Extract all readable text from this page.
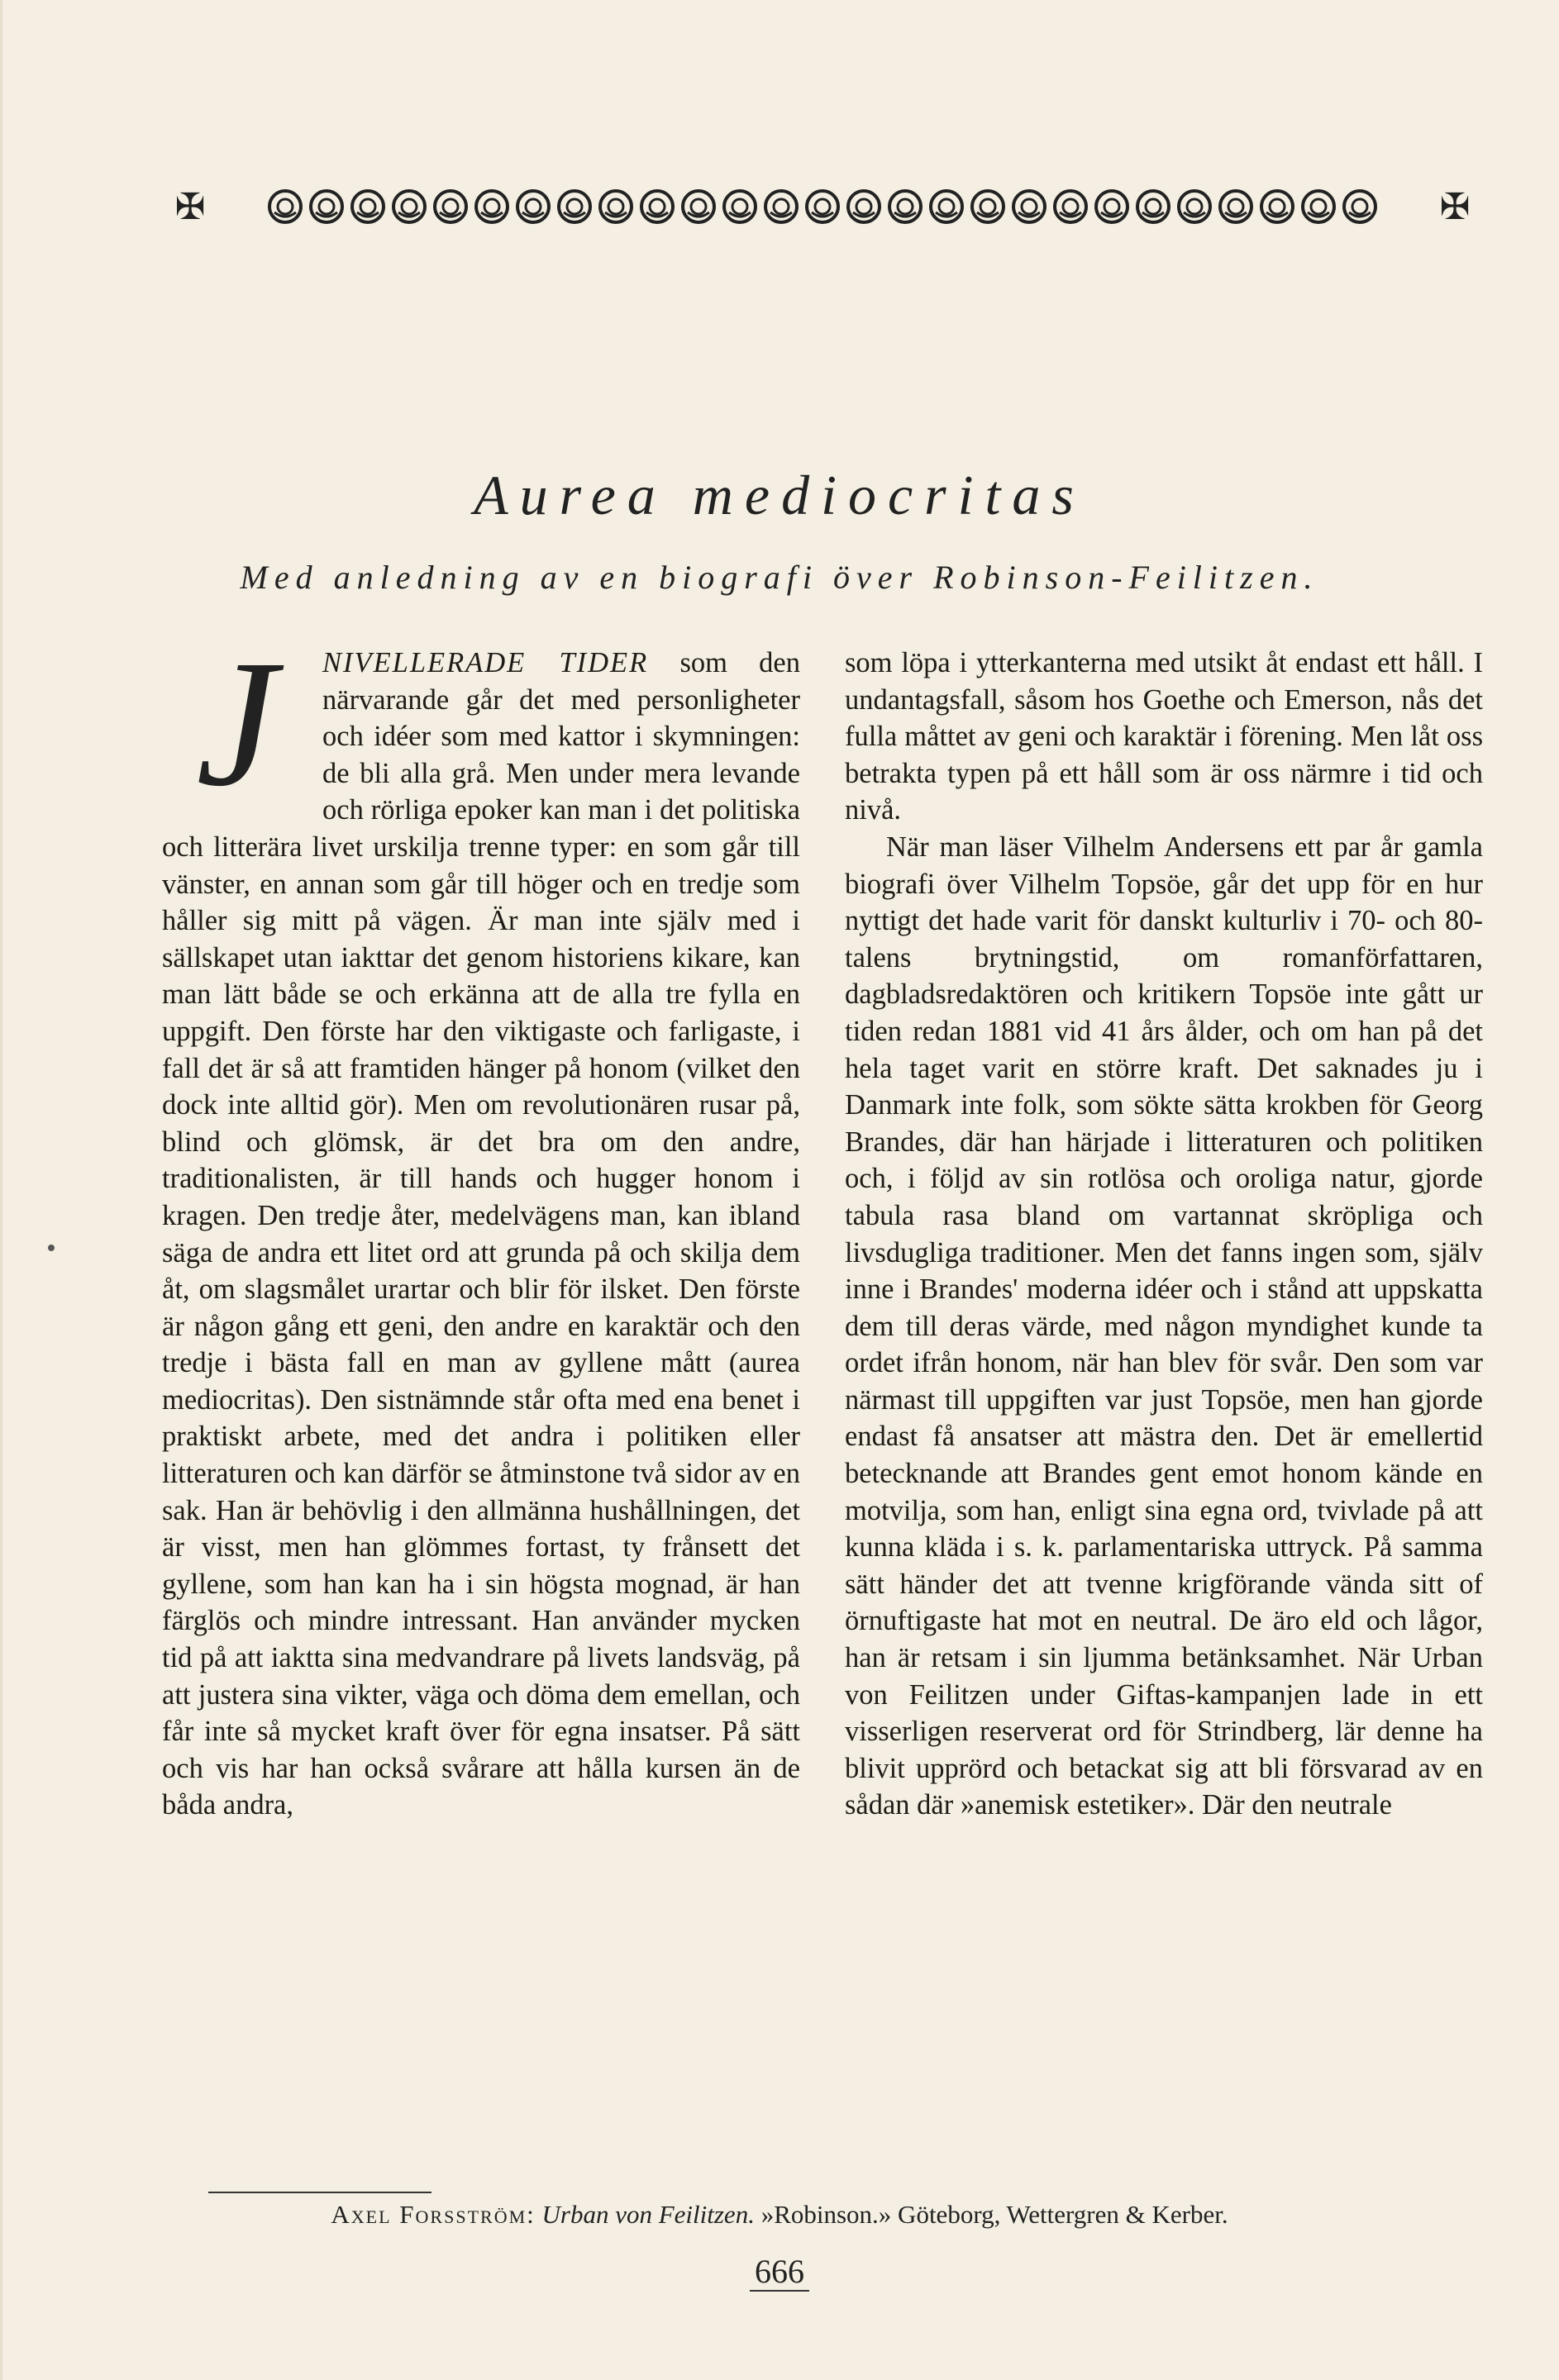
✠	✠
Aurea mediocritas
Med anledning av en biografi över Robinson-Feilitzen.
J	NIVELLERADE TIDER som den närvarande går det med personligheter och idéer som med kattor i skymningen: de bli alla grå. Men under mera levande och rörliga epoker kan man i det politiska och litterära livet urskilja trenne typer: en som går till vänster, en annan som går till höger och en tredje som håller sig mitt på vägen. Är man inte själv med i sällskapet utan iakttar det genom historiens kikare, kan man lätt både se och erkänna att de alla tre fylla en uppgift. Den förste har den viktigaste och farligaste, i fall det är så att framtiden hänger på honom (vilket den dock inte alltid gör). Men om revolutionären rusar på, blind och glömsk, är det bra om den andre, traditionalisten, är till hands och hugger honom i kragen. Den tredje åter, medelvägens man, kan ibland säga de andra ett litet ord att grunda på och skilja dem åt, om slagsmålet urartar och blir för ilsket. Den förste är någon gång ett geni, den andre en karaktär och den tredje i bästa fall en man av gyllene mått (aurea mediocritas). Den sistnämnde står ofta med ena benet i praktiskt arbete, med det andra i politiken eller litteraturen och kan därför se åtminstone två sidor av en sak. Han är behövlig i den allmänna hushållningen, det är visst, men han glömmes fortast, ty frånsett det gyllene, som han kan ha i sin högsta mognad, är han färglös och mindre intressant. Han använder mycken tid på att iaktta sina medvandrare på livets landsväg, på att justera sina vikter, väga och döma dem emellan, och får inte så mycket kraft över för egna insatser. På sätt och vis har han också svårare att hålla kursen än de båda andra,

som löpa i ytterkanterna med utsikt åt endast ett håll. I undantagsfall, såsom hos Goethe och Emerson, nås det fulla måttet av geni och karaktär i förening. Men låt oss betrakta typen på ett håll som är oss närmre i tid och nivå.

När man läser Vilhelm Andersens ett par år gamla biografi över Vilhelm Topsöe, går det upp för en hur nyttigt det hade varit för danskt kulturliv i 70- och 80-talens brytningstid, om romanförfattaren, dagbladsredaktören och kritikern Topsöe inte gått ur tiden redan 1881 vid 41 års ålder, och om han på det hela taget varit en större kraft. Det saknades ju i Danmark inte folk, som sökte sätta krokben för Georg Brandes, där han härjade i litteraturen och politiken och, i följd av sin rotlösa och oroliga natur, gjorde tabula rasa bland om vartannat skröpliga och livsdugliga traditioner. Men det fanns ingen som, själv inne i Brandes' moderna idéer och i stånd att uppskatta dem till deras värde, med någon myndighet kunde ta ordet ifrån honom, när han blev för svår. Den som var närmast till uppgiften var just Topsöe, men han gjorde endast få ansatser att mästra den. Det är emellertid betecknande att Brandes gent emot honom kände en motvilja, som han, enligt sina egna ord, tvivlade på att kunna kläda i s. k. parlamentariska uttryck. På samma sätt händer det att tvenne krigförande vända sitt of örnuftigaste hat mot en neutral. De äro eld och lågor, han är retsam i sin ljumma betänksamhet. När Urban von Feilitzen under Giftas-kampanjen lade in ett visserligen reserverat ord för Strindberg, lär denne ha blivit upprörd och betackat sig att bli försvarad av en sådan där »anemisk estetiker». Där den neutrale

Axel Forsström: Urban von Feilitzen. »Robinson.» Göteborg, Wettergren & Kerber.
666
